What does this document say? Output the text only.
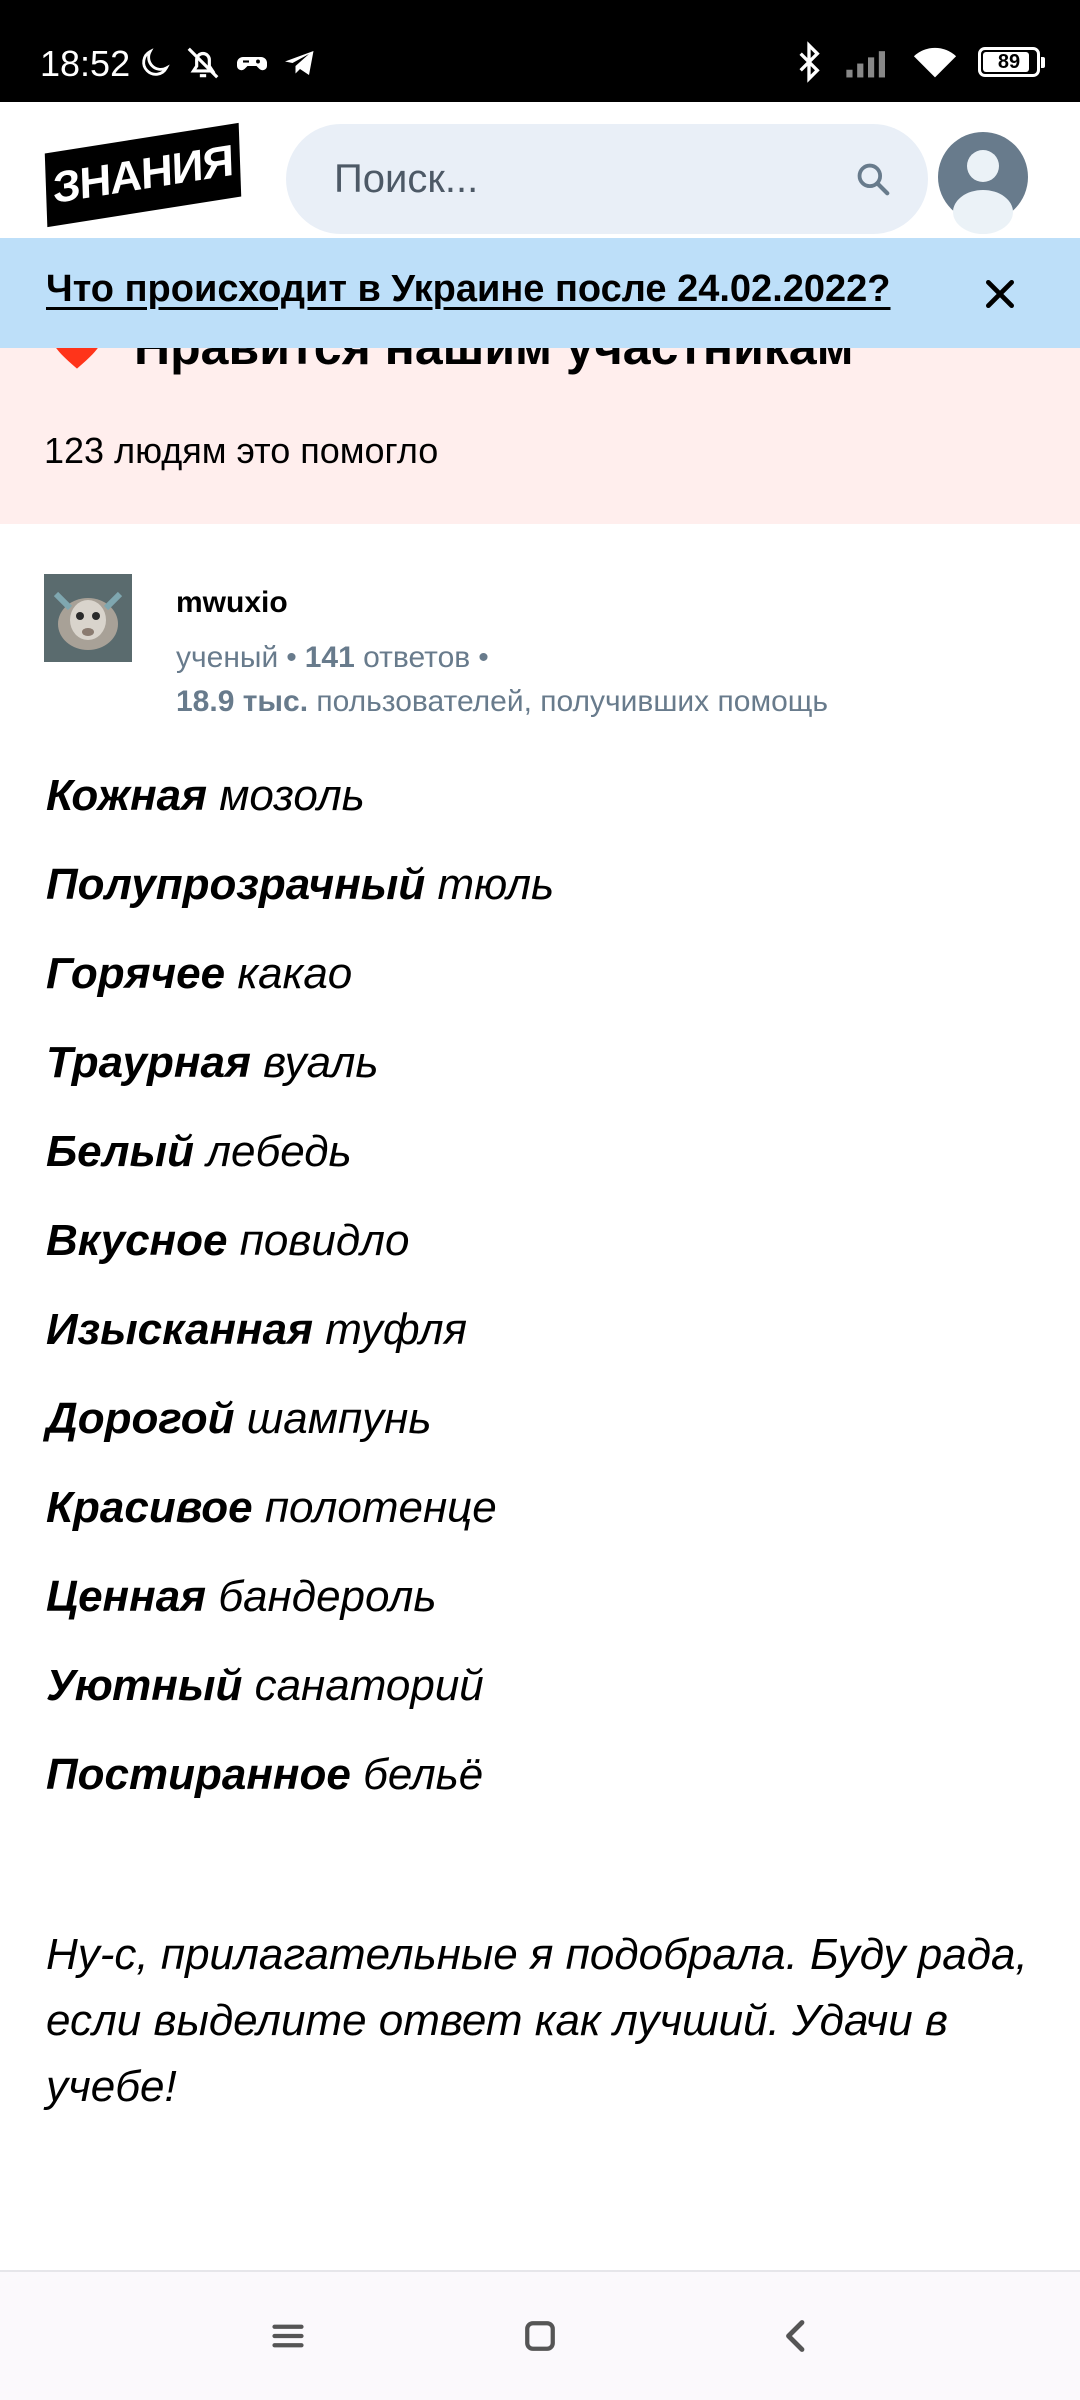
18:52	89
ЗНАНИЯ
Поиск...
123 людям это помогло
Что происходит в Украине после 24.02.2022?
mwuxio
ученый • 141 ответов •
18.9 тыс. пользователей, получивших помощь
Кожная мозоль
Полупрозрачный тюль
Горячее какао
Траурная вуаль
Белый лебедь
Вкусное повидло
Изысканная туфля
Дорогой шампунь
Красивое полотенце
Ценная бандероль
Уютный санаторий
Постиранное бельё
Ну-с, прилагательные я подобрала. Буду рада, если выделите ответ как лучший. Удачи в учебе!
